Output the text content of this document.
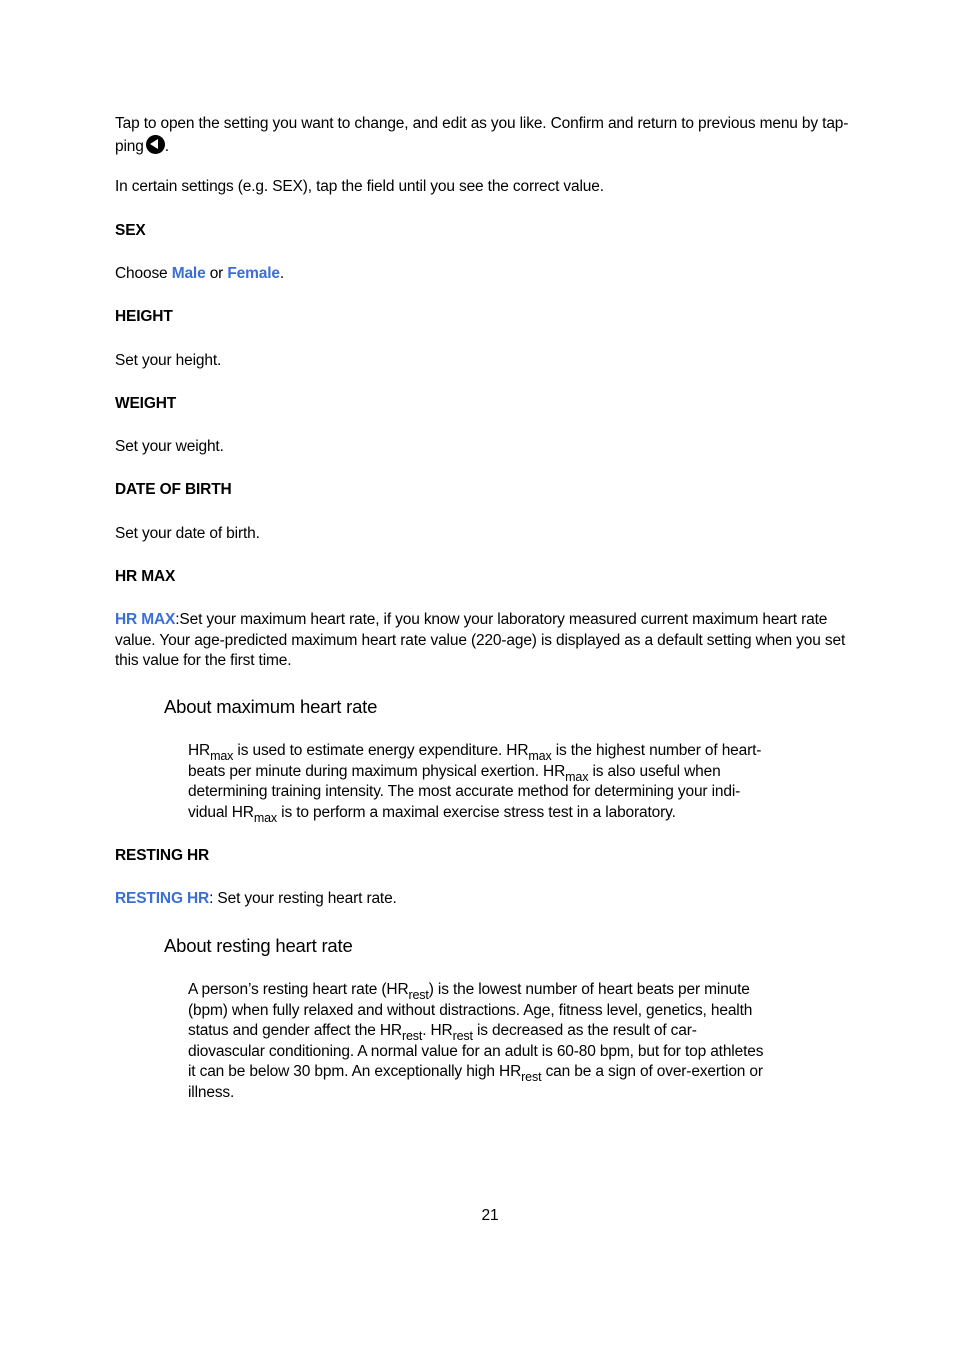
Tap to open the setting you want to change, and edit as you like. Confirm and return to previous menu by tap-
ping .

In certain settings (e.g. SEX), tap the field until you see the correct value.

SEX

Choose Male or Female.

HEIGHT

Set your height.

WEIGHT

Set your weight.

DATE OF BIRTH

Set your date of birth.

HR MAX

HR MAX:Set your maximum heart rate, if you know your laboratory measured current maximum heart rate value. Your age-predicted maximum heart rate value (220-age) is displayed as a default setting when you set this value for the first time.

About maximum heart rate

$HR_{max}$ is used to estimate energy expenditure. $HR_{max}$ is the highest number of heart-
beats per minute during maximum physical exertion. $HR_{max}$ is also useful when
determining training intensity. The most accurate method for determining your indi-
vidual $HR_{max}$ is to perform a maximal exercise stress test in a laboratory.

RESTING HR

RESTING HR: Set your resting heart rate.

About resting heart rate

A person’s resting heart rate $(HR_{rest})$ is the lowest number of heart beats per minute
(bpm) when fully relaxed and without distractions. Age, fitness level, genetics, health
status and gender affect the $HR_{rest}$. $HR_{rest}$ is decreased as the result of car-
diovascular conditioning. A normal value for an adult is 60-80 bpm, but for top athletes
it can be below 30 bpm. An exceptionally high $HR_{rest}$ can be a sign of over-exertion or
illness.

21
